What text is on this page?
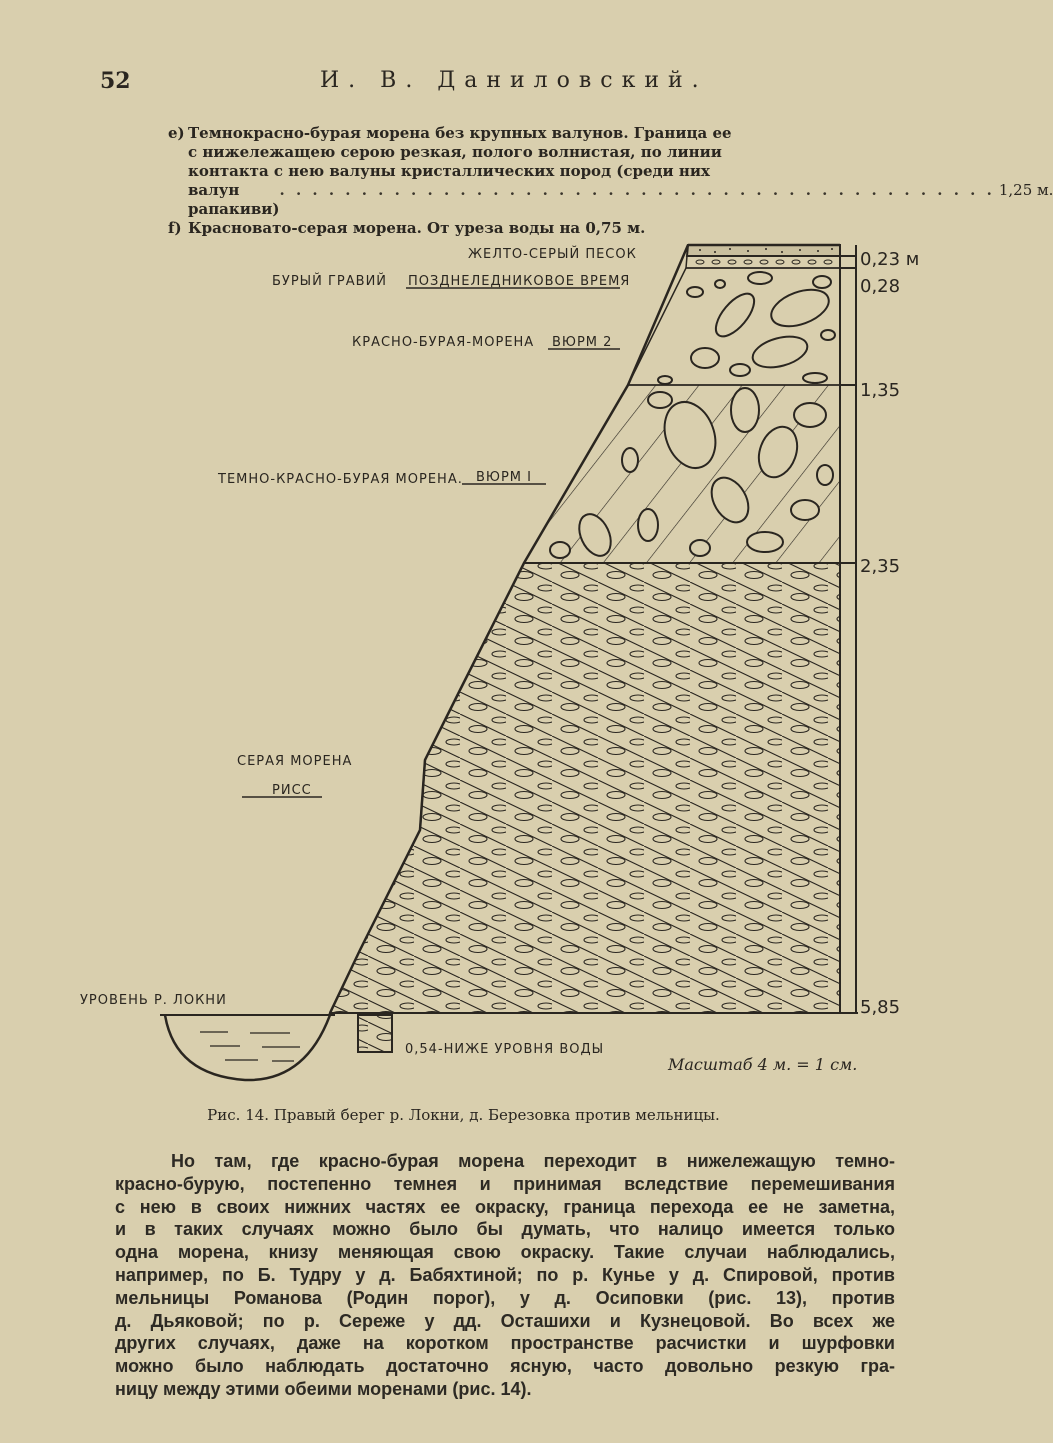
52	И. В. Даниловский.
e) Темнокрасно-бурая морена без крупных валунов. Граница ее
с нижележащею серою резкая, полого волнистая, по линии
контакта с нею валуны кристаллических пород (среди них
валун рапакиви)
. . . . . . . . . . . . . . . . . . . . . . . . . . . . . . . . . . . . . . . . . . . . 1,25 м.
f) Красновато-серая морена. От уреза воды на 0,75 м.
0,23 м
0,28
1,35
2,35
5,85
ЖЕЛТО-СЕРЫЙ ПЕСОК
БУРЫЙ ГРАВИЙ ПОЗДНЕЛЕДНИКОВОЕ ВРЕМЯ
КРАСНО-БУРАЯ-МОРЕНА ВЮРМ 2
ТЕМНО-КРАСНО-БУРАЯ МОРЕНА. ВЮРМ I
СЕРАЯ МОРЕНА
РИСС
УРОВЕНЬ Р. ЛОКНИ
0,54-НИЖЕ УРОВНЯ ВОДЫ
Масштаб 4 м. = 1 см.
Рис. 14. Правый берег р. Локни, д. Березовка против мельницы.
Но там, где красно-бурая морена переходит в нижележащую темно-
красно-бурую, постепенно темнея и принимая вследствие перемешивания
с нею в своих нижних частях ее окраску, граница перехода ее не заметна,
и в таких случаях можно было бы думать, что налицо имеется только
одна морена, книзу меняющая свою окраску. Такие случаи наблюдались,
например, по Б. Тудру у д. Бабяхтиной; по р. Кунье у д. Спировой, против
мельницы Романова (Родин порог), у д. Осиповки (рис. 13), против
д. Дьяковой; по р. Сереже у дд. Осташихи и Кузнецовой. Во всех же
других случаях, даже на коротком пространстве расчистки и шурфовки
можно было наблюдать достаточно ясную, часто довольно резкую гра-
ницу между этими обеими моренами (рис. 14).
